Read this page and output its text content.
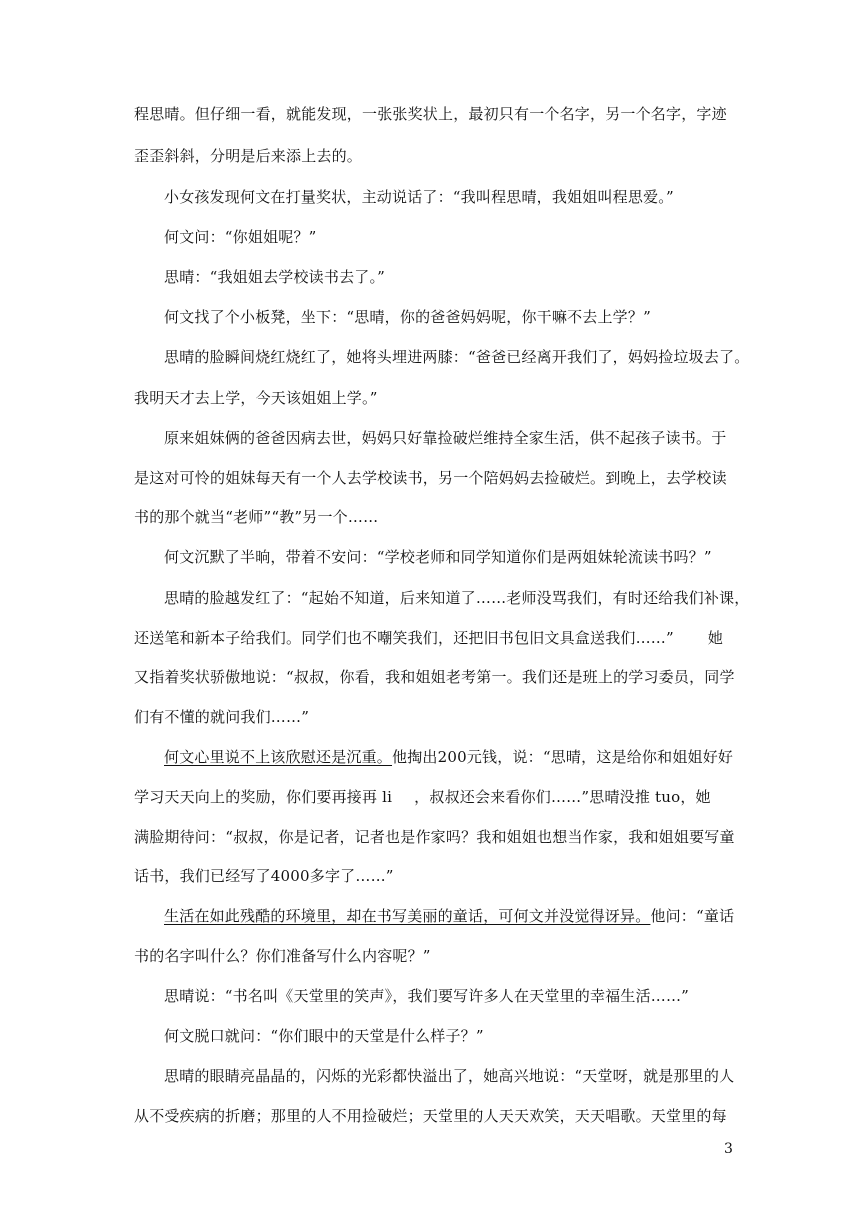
程思晴。但仔细一看，就能发现，一张张奖状上，最初只有一个名字，另一个名字，字迹
歪歪斜斜，分明是后来添上去的。
小女孩发现何文在打量奖状，主动说话了：“我叫程思晴，我姐姐叫程思爱。”
何文问：“你姐姐呢？”
思晴：“我姐姐去学校读书去了。”
何文找了个小板凳，坐下：“思晴，你的爸爸妈妈呢，你干嘛不去上学？”
思晴的脸瞬间烧红烧红了，她将头埋进两膝：“爸爸已经离开我们了，妈妈捡垃圾去了。
我明天才去上学，今天该姐姐上学。”
原来姐妹俩的爸爸因病去世，妈妈只好靠捡破烂维持全家生活，供不起孩子读书。于
是这对可怜的姐妹每天有一个人去学校读书，另一个陪妈妈去捡破烂。到晚上，去学校读
书的那个就当“老师”“教”另一个……
何文沉默了半晌，带着不安问：“学校老师和同学知道你们是两姐妹轮流读书吗？”
思晴的脸越发红了：“起始不知道，后来知道了……老师没骂我们，有时还给我们补课，
还送笔和新本子给我们。同学们也不嘲笑我们，还把旧书包旧文具盒送我们……” 她
又指着奖状骄傲地说：“叔叔，你看，我和姐姐老考第一。我们还是班上的学习委员，同学
们有不懂的就问我们……”
何文心里说不上该欣慰还是沉重。他掏出200元钱，说：“思晴，这是给你和姐姐好好
学习天天向上的奖励，你们要再接再 li ，叔叔还会来看你们……”思晴没推 tuo，她
满脸期待问：“叔叔，你是记者，记者也是作家吗？我和姐姐也想当作家，我和姐姐要写童
话书，我们已经写了4000多字了……”
生活在如此残酷的环境里，却在书写美丽的童话，可何文并没觉得讶异。他问：“童话
书的名字叫什么？你们准备写什么内容呢？”
思晴说：“书名叫《天堂里的笑声》，我们要写许多人在天堂里的幸福生活……”
何文脱口就问：“你们眼中的天堂是什么样子？”
思晴的眼睛亮晶晶的，闪烁的光彩都快溢出了，她高兴地说：“天堂呀，就是那里的人
从不受疾病的折磨；那里的人不用捡破烂；天堂里的人天天欢笑，天天唱歌。天堂里的每
3
